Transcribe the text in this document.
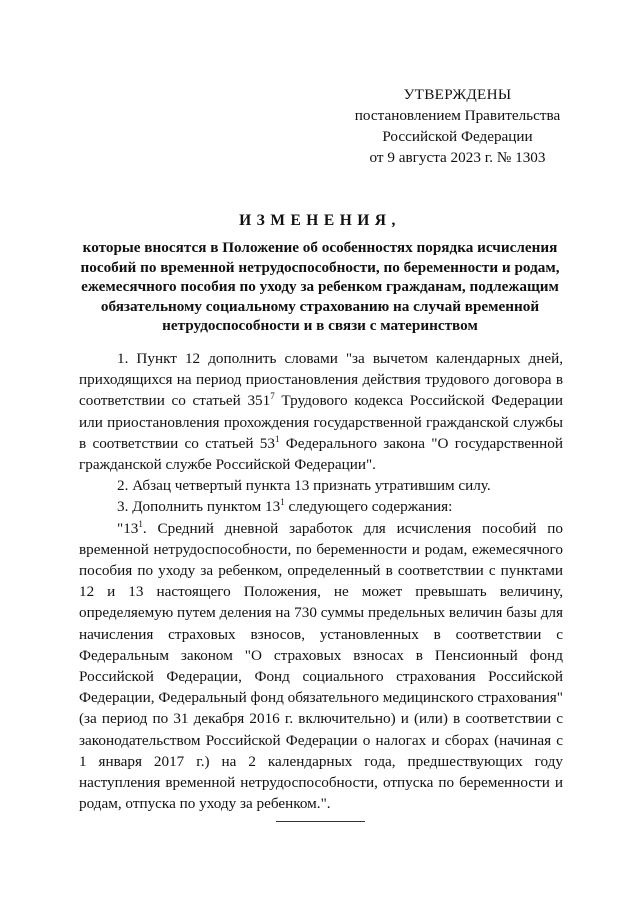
УТВЕРЖДЕНЫ
постановлением Правительства
Российской Федерации
от 9 августа 2023 г. № 1303
ИЗМЕНЕНИЯ,
которые вносятся в Положение об особенностях порядка исчисления пособий по временной нетрудоспособности, по беременности и родам, ежемесячного пособия по уходу за ребенком гражданам, подлежащим обязательному социальному страхованию на случай временной нетрудоспособности и в связи с материнством

1. Пункт 12 дополнить словами "за вычетом календарных дней, приходящихся на период приостановления действия трудового договора в соответствии со статьей $351^7$ Трудового кодекса Российской Федерации или приостановления прохождения государственной гражданской службы в соответствии со статьей $53^1$ Федерального закона "О государственной гражданской службе Российской Федерации".

2. Абзац четвертый пункта 13 признать утратившим силу.

3. Дополнить пунктом $13^1$ следующего содержания:

"$13^1$. Средний дневной заработок для исчисления пособий по временной нетрудоспособности, по беременности и родам, ежемесячного пособия по уходу за ребенком, определенный в соответствии с пунктами 12 и 13 настоящего Положения, не может превышать величину, определяемую путем деления на 730 суммы предельных величин базы для начисления страховых взносов, установленных в соответствии с Федеральным законом "О страховых взносах в Пенсионный фонд Российской Федерации, Фонд социального страхования Российской Федерации, Федеральный фонд обязательного медицинского страхования" (за период по 31 декабря 2016 г. включительно) и (или) в соответствии с законодательством Российской Федерации о налогах и сборах (начиная с 1 января 2017 г.) на 2 календарных года, предшествующих году наступления временной нетрудоспособности, отпуска по беременности и родам, отпуска по уходу за ребенком.".
